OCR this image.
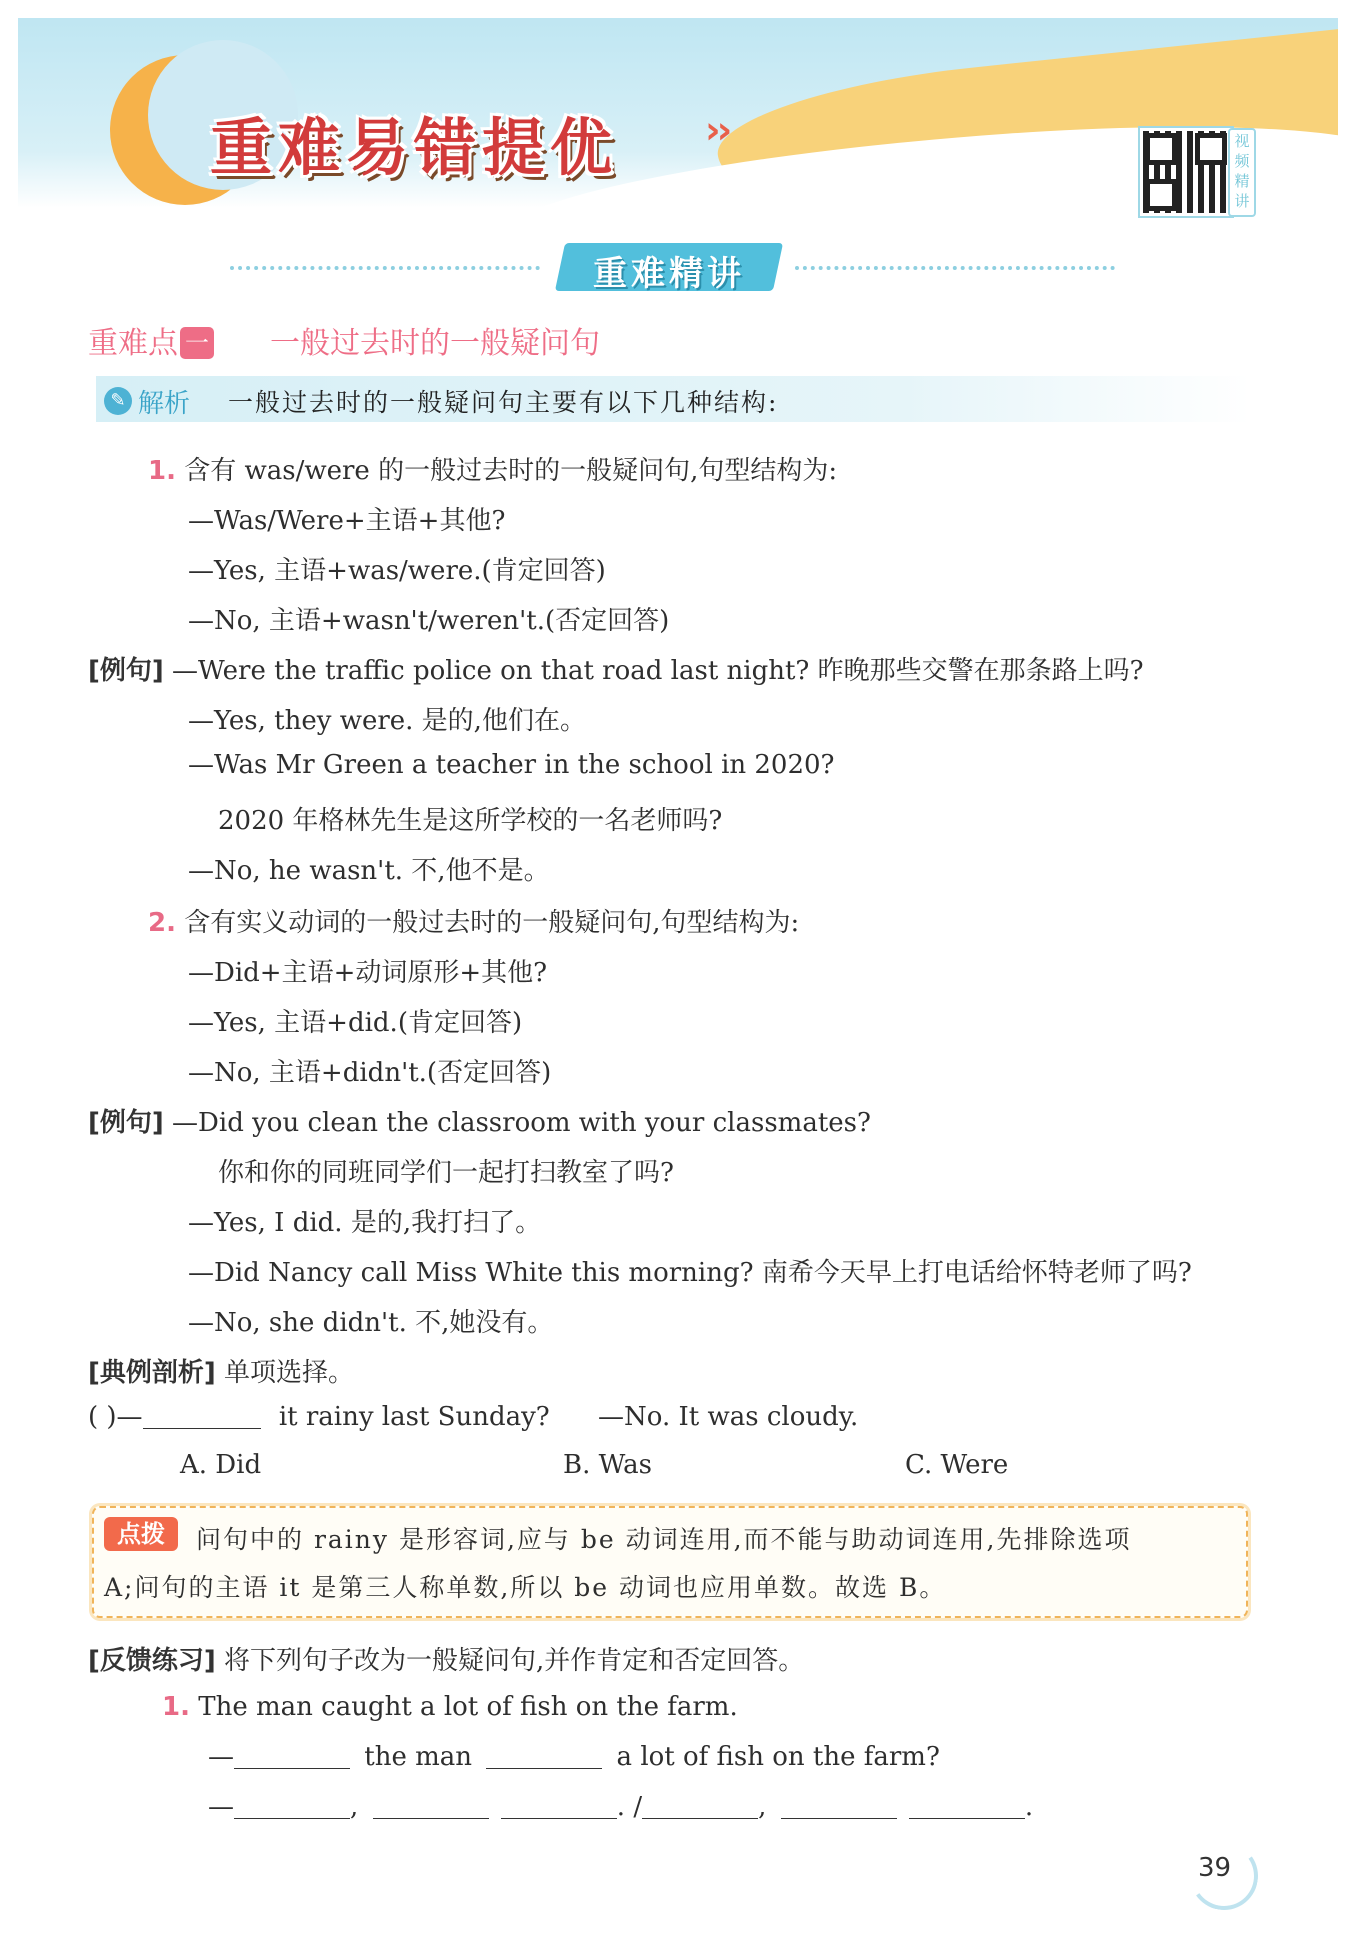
重难易错提优 ››	视
频
精
讲
重难精讲
重难点 一 一般过去时的一般疑问句
✎ 解析 一般过去时的一般疑问句主要有以下几种结构:
1. 含有 was/were 的一般过去时的一般疑问句,句型结构为:
—Was/Were+主语+其他?
—Yes, 主语+was/were.(肯定回答)
—No, 主语+wasn't/weren't.(否定回答)
[例句] —Were the traffic police on that road last night? 昨晚那些交警在那条路上吗?
—Yes, they were. 是的,他们在。
—Was Mr Green a teacher in the school in 2020?
2020 年格林先生是这所学校的一名老师吗?
—No, he wasn't. 不,他不是。
2. 含有实义动词的一般过去时的一般疑问句,句型结构为:
—Did+主语+动词原形+其他?
—Yes, 主语+did.(肯定回答)
—No, 主语+didn't.(否定回答)
[例句] —Did you clean the classroom with your classmates?
你和你的同班同学们一起打扫教室了吗?
—Yes, I did. 是的,我打扫了。
—Did Nancy call Miss White this morning? 南希今天早上打电话给怀特老师了吗?
—No, she didn't. 不,她没有。
[典例剖析] 单项选择。
( )—	it rainy last Sunday? —No. It was cloudy.
A. Did	B. Was	C. Were
点拨	问句中的 rainy 是形容词,应与 be 动词连用,而不能与助动词连用,先排除选项
A;问句的主语 it 是第三人称单数,所以 be 动词也应用单数。故选 B。
[反馈练习] 将下列句子改为一般疑问句,并作肯定和否定回答。
1. The man caught a lot of fish on the farm.
—	the man	a lot of fish on the farm?
—	,	. /	,	.
39
